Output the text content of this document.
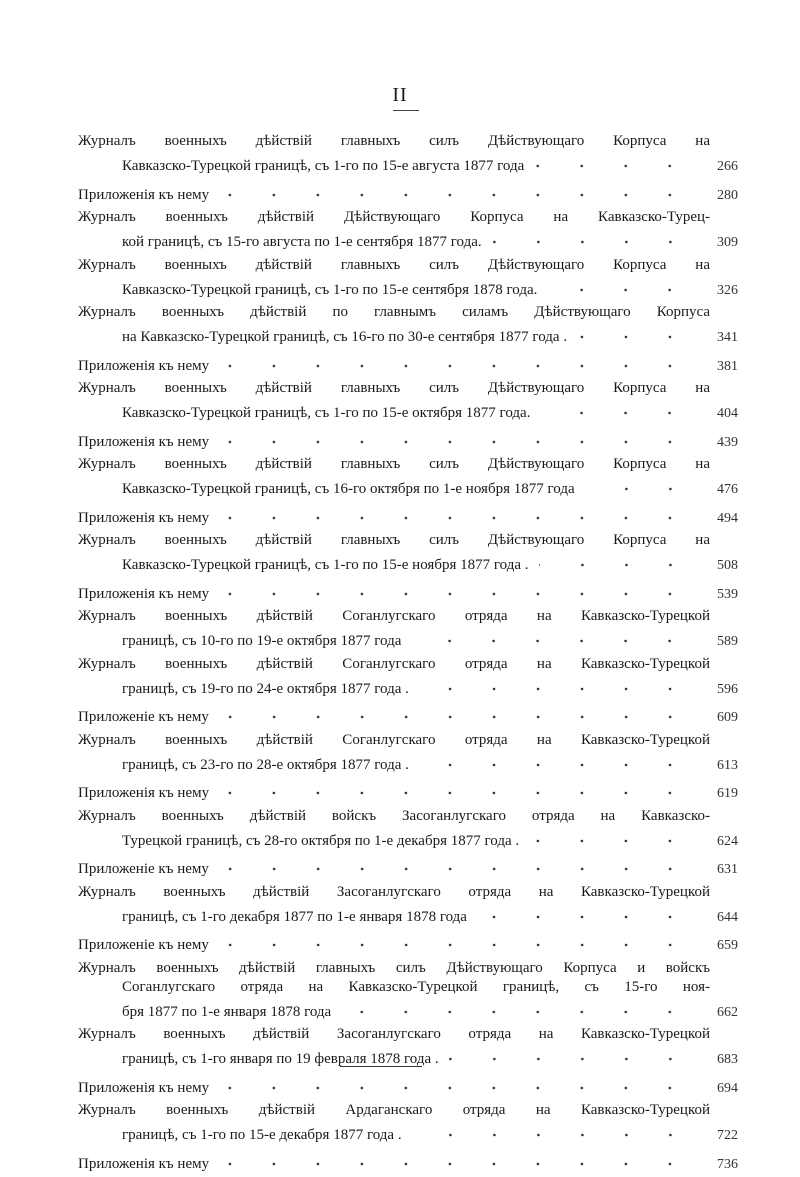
II
Журналъ военныхъ дѣйствій главныхъ силъ Дѣйствующаго Корпуса на
Кавказско-Турецкой границѣ, съ 1-го по 15-е августа 1877 года	266
Приложенія къ нему	280
Журналъ военныхъ дѣйствій Дѣйствующаго Корпуса на Кавказско-Турец-
кой границѣ, съ 15-го августа по 1-е сентября 1877 года.	309
Журналъ военныхъ дѣйствій главныхъ силъ Дѣйствующаго Корпуса на
Кавказско-Турецкой границѣ, съ 1-го по 15-е сентября 1878 года.	326
Журналъ военныхъ дѣйствій по главнымъ силамъ Дѣйствующаго Корпуса
на Кавказско-Турецкой границѣ, съ 16-го по 30-е сентября 1877 года .	341
Приложенія къ нему	381
Журналъ военныхъ дѣйствій главныхъ силъ Дѣйствующаго Корпуса на
Кавказско-Турецкой границѣ, съ 1-го по 15-е октября 1877 года.	404
Приложенія къ нему	439
Журналъ военныхъ дѣйствій главныхъ силъ Дѣйствующаго Корпуса на
Кавказско-Турецкой границѣ, съ 16-го октября по 1-е ноября 1877 года	476
Приложенія къ нему	494
Журналъ военныхъ дѣйствій главныхъ силъ Дѣйствующаго Корпуса на
Кавказско-Турецкой границѣ, съ 1-го по 15-е ноября 1877 года .	508
Приложенія къ нему	539
Журналъ военныхъ дѣйствій Соганлугскаго отряда на Кавказско-Турецкой
границѣ, съ 10-го по 19-е октября 1877 года	589
Журналъ военныхъ дѣйствій Соганлугскаго отряда на Кавказско-Турецкой
границѣ, съ 19-го по 24-е октября 1877 года .	596
Приложеніе къ нему	609
Журналъ военныхъ дѣйствій Соганлугскаго отряда на Кавказско-Турецкой
границѣ, съ 23-го по 28-е октября 1877 года .	613
Приложенія къ нему	619
Журналъ военныхъ дѣйствій войскъ Засоганлугскаго отряда на Кавказско-
Турецкой границѣ, съ 28-го октября по 1-е декабря 1877 года .	624
Приложеніе къ нему	631
Журналъ военныхъ дѣйствій Засоганлугскаго отряда на Кавказско-Турецкой
границѣ, съ 1-го декабря 1877 по 1-е января 1878 года	644
Приложеніе къ нему	659
Журналъ военныхъ дѣйствій главныхъ силъ Дѣйствующаго Корпуса и войскъ
Соганлугскаго отряда на Кавказско-Турецкой границѣ, съ 15-го ноя-
бря 1877 по 1-е января 1878 года	662
Журналъ военныхъ дѣйствій Засоганлугскаго отряда на Кавказско-Турецкой
границѣ, съ 1-го января по 19 февраля 1878 года .	683
Приложенія къ нему	694
Журналъ военныхъ дѣйствій Ардаганскаго отряда на Кавказско-Турецкой
границѣ, съ 1-го по 15-е декабря 1877 года .	722
Приложенія къ нему	736
